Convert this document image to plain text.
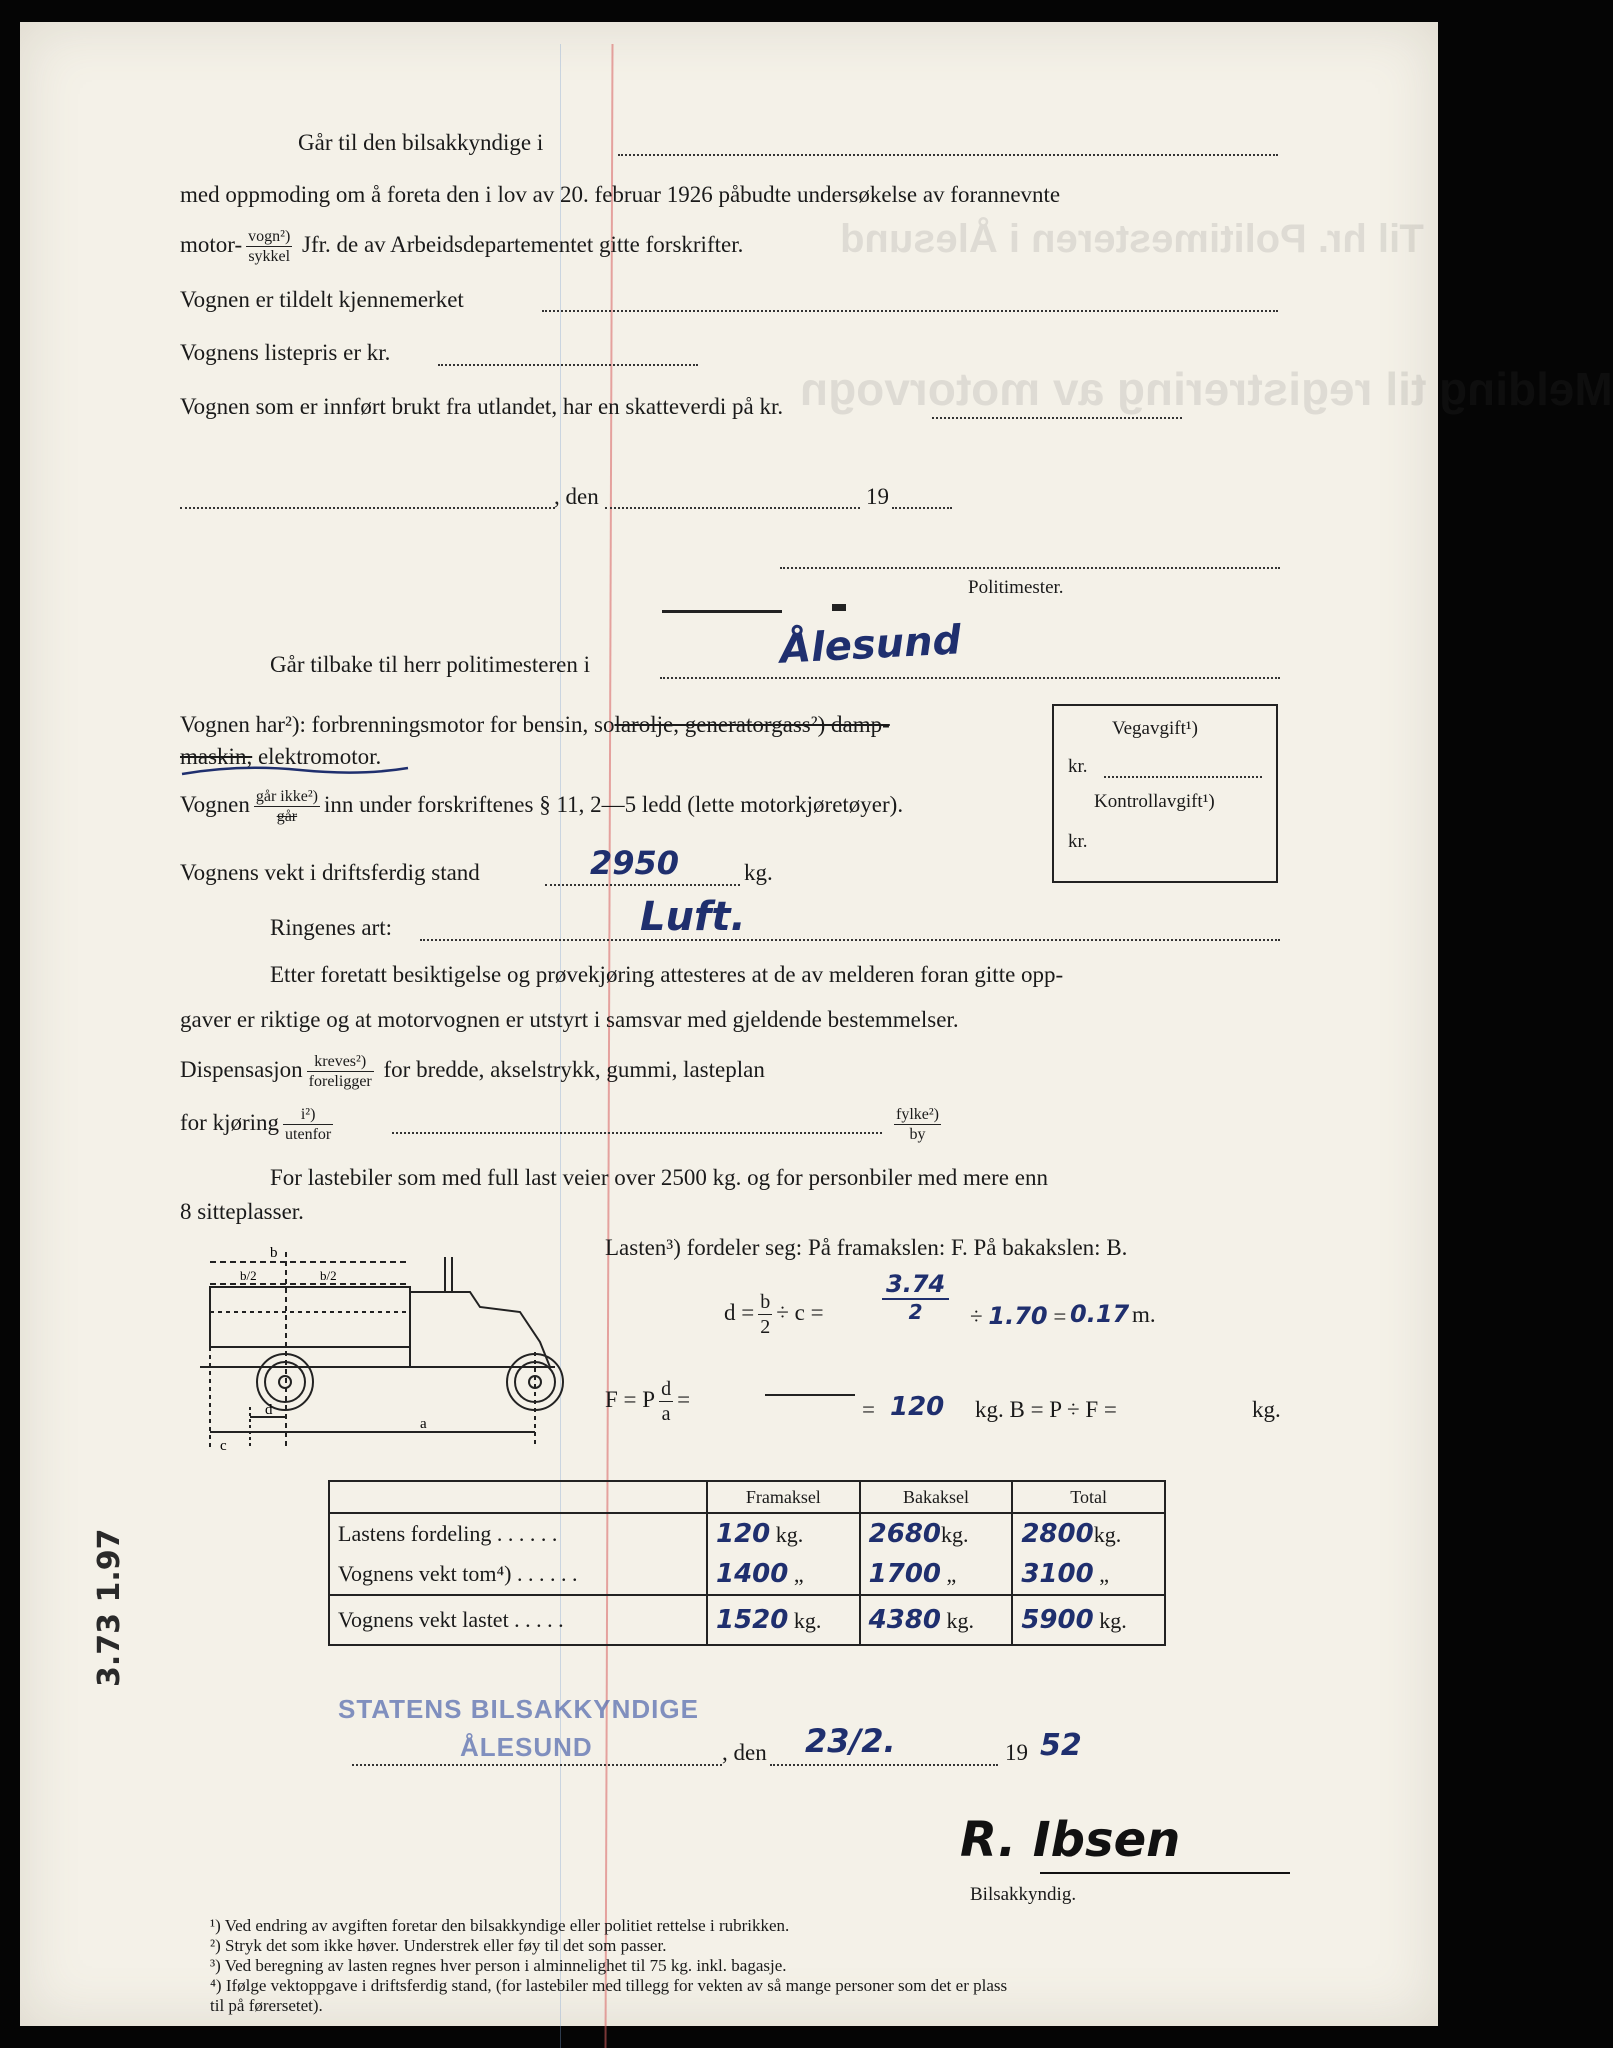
Til hr. Politimesteren i Ålesund
Melding til registrering av motorvogn
Går til den bilsakkyndige i
med oppmoding om å foreta den i lov av 20. februar 1926 påbudte undersøkelse av forannevnte
motor- $\frac{\text{vogn²)}}{\text{sykkel}}$ Jfr. de av Arbeidsdepartementet gitte forskrifter.
Vognen er tildelt kjennemerket
Vognens listepris er kr.
Vognen som er innført brukt fra utlandet, har en skatteverdi på kr.
, den	19
Politimester.
Går tilbake til herr politimesteren i	Ålesund
Vognen har²): forbrenningsmotor for bensin, solarolje, generatorgass²) damp-
maskin, elektromotor.
Vognen $\frac{\text{går ikke²)}}{\text{går}}$ inn under forskriftenes § 11, 2—5 ledd (lette motorkjøretøyer).
Vognens vekt i driftsferdig stand	2950	kg.
Ringenes art:	Luft.
Etter foretatt besiktigelse og prøvekjøring attesteres at de av melderen foran gitte opp-
gaver er riktige og at motorvognen er utstyrt i samsvar med gjeldende bestemmelser.
Dispensasjon $\frac{\text{kreves²)}}{\text{foreligger}}$ for bredde, akselstrykk, gummi, lasteplan
for kjøring $\frac{\text{i²)}}{\text{utenfor}}$	$\frac{\text{fylke²)}}{by}$
For lastebiler som med full last veier over 2500 kg. og for personbiler med mere enn
8 sitteplasser.
Vegavgift¹)
kr.
Kontrollavgift¹)
kr.
b
b/2	b/2
d
c
a
Lasten³) fordeler seg: På framakslen: F. På bakakslen: B.
$d = \frac{b}{2} \div c$ =
3.74
2	÷ 1.70 = 0.17 m.
F = P $\frac{d}{a}$ =	= 120 kg. B = P ÷ F =	kg.
	Framaksel	Bakaksel	Total
Lastens fordeling . . . . . .	120 kg.	2680kg.	2800kg.
Vognens vekt tom⁴) . . . . . .	1400 „	1700 „	3100 „
Vognens vekt lastet . . . . .	1520 kg.	4380 kg.	5900 kg.
3.73 1.97
STATENS BILSAKKYNDIGE
ÅLESUND	, den 23/2.	19 52
R. Ibsen
Bilsakkyndig.
¹) Ved endring av avgiften foretar den bilsakkyndige eller politiet rettelse i rubrikken.
²) Stryk det som ikke høver. Understrek eller føy til det som passer.
³) Ved beregning av lasten regnes hver person i alminnelighet til 75 kg. inkl. bagasje.
⁴) Ifølge vektoppgave i driftsferdig stand, (for lastebiler med tillegg for vekten av så mange personer som det er plass
til på førersetet).
